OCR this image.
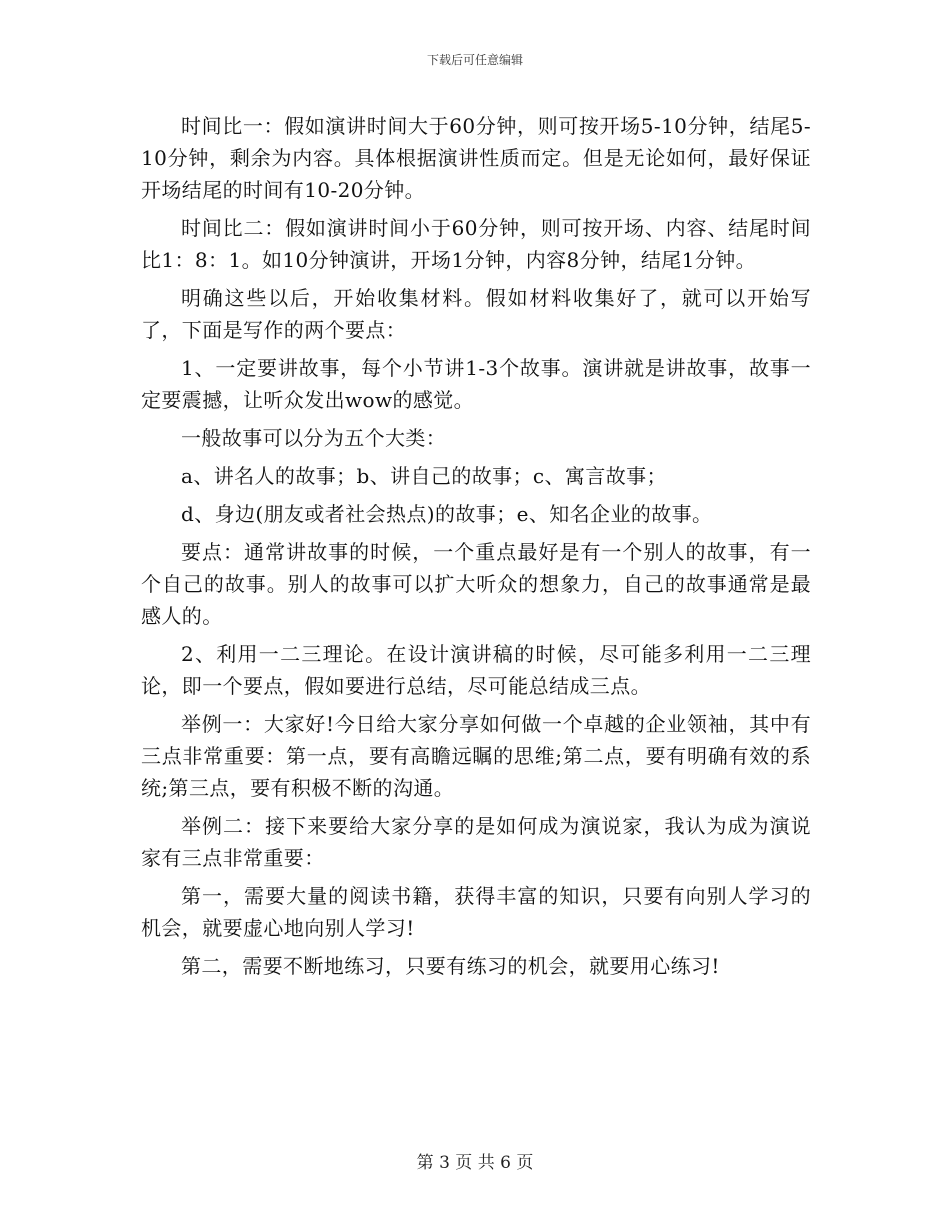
下载后可任意编辑

时间比一：假如演讲时间大于60分钟，则可按开场5-10分钟，结尾5-10分钟，剩余为内容。具体根据演讲性质而定。但是无论如何，最好保证开场结尾的时间有10-20分钟。

时间比二：假如演讲时间小于60分钟，则可按开场、内容、结尾时间比1：8：1。如10分钟演讲，开场1分钟，内容8分钟，结尾1分钟。

明确这些以后，开始收集材料。假如材料收集好了，就可以开始写了，下面是写作的两个要点：

1、一定要讲故事，每个小节讲1-3个故事。演讲就是讲故事，故事一定要震撼，让听众发出wow的感觉。

一般故事可以分为五个大类：

a、讲名人的故事；b、讲自己的故事；c、寓言故事；

d、身边(朋友或者社会热点)的故事；e、知名企业的故事。

要点：通常讲故事的时候，一个重点最好是有一个别人的故事，有一个自己的故事。别人的故事可以扩大听众的想象力，自己的故事通常是最感人的。

2、利用一二三理论。在设计演讲稿的时候，尽可能多利用一二三理论，即一个要点，假如要进行总结，尽可能总结成三点。

举例一：大家好!今日给大家分享如何做一个卓越的企业领袖，其中有三点非常重要：第一点，要有高瞻远瞩的思维;第二点，要有明确有效的系统;第三点，要有积极不断的沟通。

举例二：接下来要给大家分享的是如何成为演说家，我认为成为演说家有三点非常重要：

第一，需要大量的阅读书籍，获得丰富的知识，只要有向别人学习的机会，就要虚心地向别人学习!

第二，需要不断地练习，只要有练习的机会，就要用心练习!

第 3 页 共 6 页
